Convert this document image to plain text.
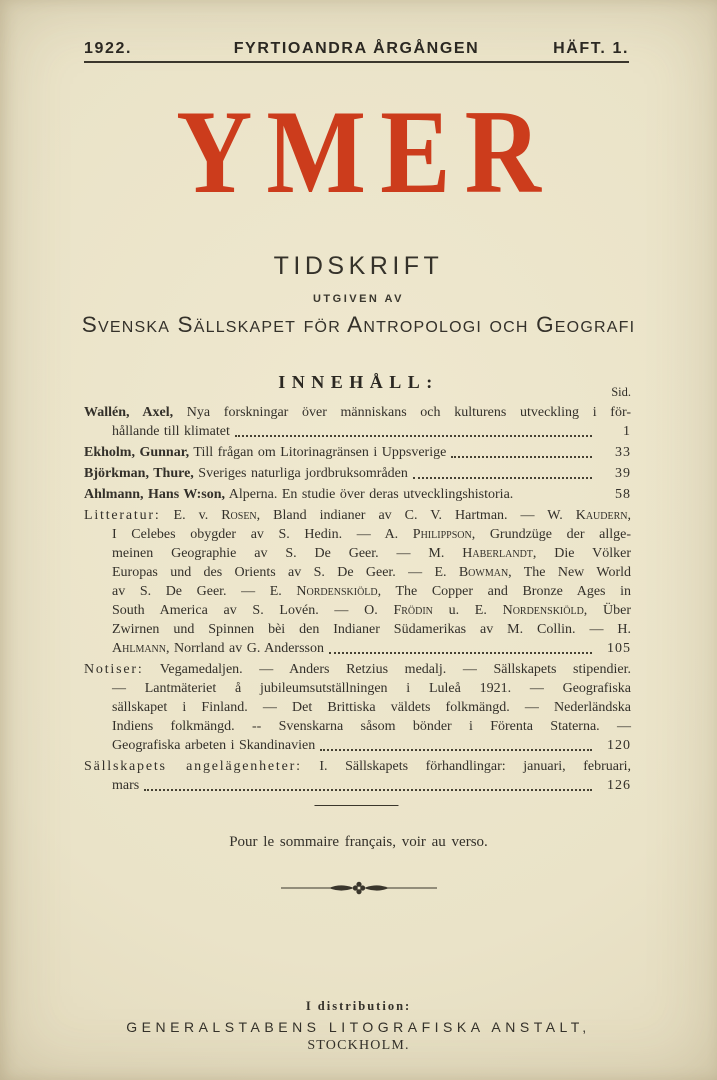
1922.	FYRTIOANDRA ÅRGÅNGEN	HÄFT. 1.
YMER
TIDSKRIFT
UTGIVEN AV
Svenska Sällskapet för Antropologi och Geografi
INNEHÅLL:	Sid.
Wallén, Axel, Nya forskningar över människans och kulturens utveckling i för-
hållande till klimatet	1
Ekholm, Gunnar, Till frågan om Litorinagränsen i Uppsverige	33
Björkman, Thure, Sveriges naturliga jordbruksområden	39
Ahlmann, Hans W:son, Alperna. En studie över deras utvecklingshistoria.	58
Litteratur: E. v. Rosen, Bland indianer av C. V. Hartman. — W. Kaudern,
I Celebes obygder av S. Hedin. — A. Philippson, Grundzüge der allge-
meinen Geographie av S. De Geer. — M. Haberlandt, Die Völker
Europas und des Orients av S. De Geer. — E. Bowman, The New World
av S. De Geer. — E. Nordenskiöld, The Copper and Bronze Ages in
South America av S. Lovén. — O. Frödin u. E. Nordenskiöld, Über
Zwirnen und Spinnen bèi den Indianer Südamerikas av M. Collin. — H.
Ahlmann, Norrland av G. Andersson	105
Notiser: Vegamedaljen. — Anders Retzius medalj. — Sällskapets stipendier.
— Lantmäteriet å jubileumsutställningen i Luleå 1921. — Geografiska
sällskapet i Finland. — Det Brittiska väldets folkmängd. — Nederländska
Indiens folkmängd. -- Svenskarna såsom bönder i Förenta Staterna. —
Geografiska arbeten i Skandinavien	120
Sällskapets angelägenheter: I. Sällskapets förhandlingar: januari, februari,
mars	126
Pour le sommaire français, voir au verso.
I distribution:
GENERALSTABENS LITOGRAFISKA ANSTALT,
STOCKHOLM.
